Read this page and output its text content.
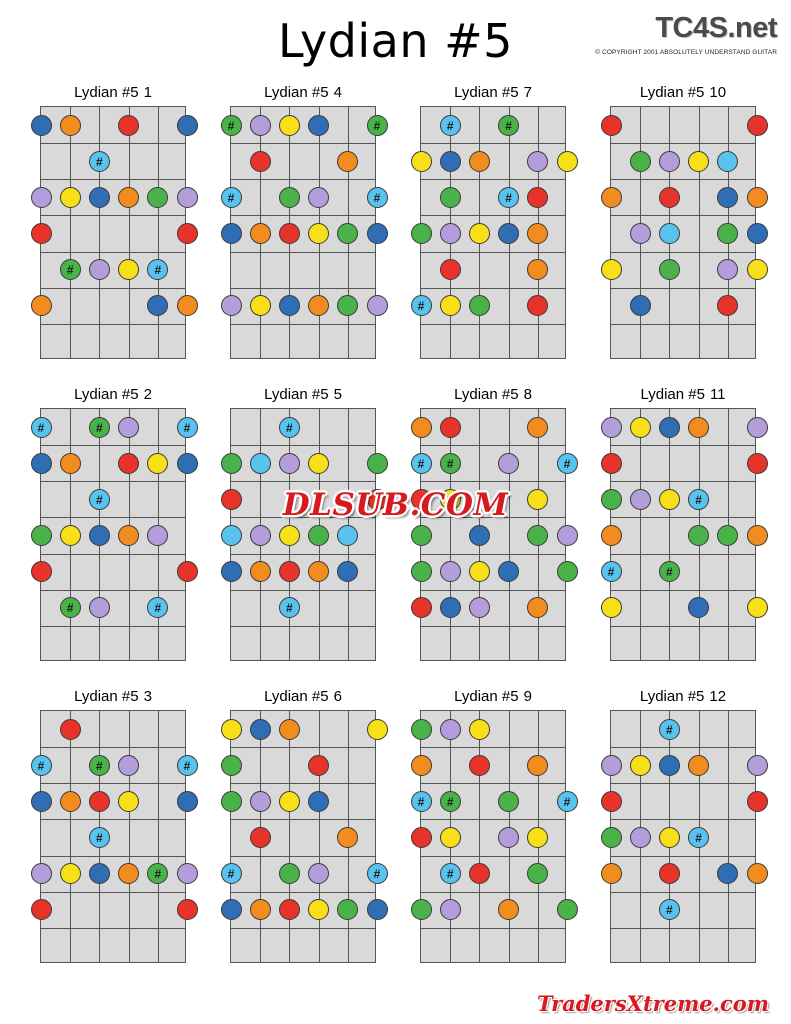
Lydian #5	TC4S.net
© COPYRIGHT 2001 ABSOLUTELY UNDERSTAND GUITAR
Lydian #5 1
#
#	#
Lydian #5 4
#	#
#	#
Lydian #5 7
#	#
#
#
Lydian #5 10
Lydian #5 2
#	#	#
#
#	#
Lydian #5 5
#
#
Lydian #5 8
#	#	#
Lydian #5 11
#
#	#
Lydian #5 3
#	#	#
#
#
Lydian #5 6
#	#
Lydian #5 9
#	#	#
#
Lydian #5 12
#
#
#
DLSUB.COM
TradersXtreme.com
